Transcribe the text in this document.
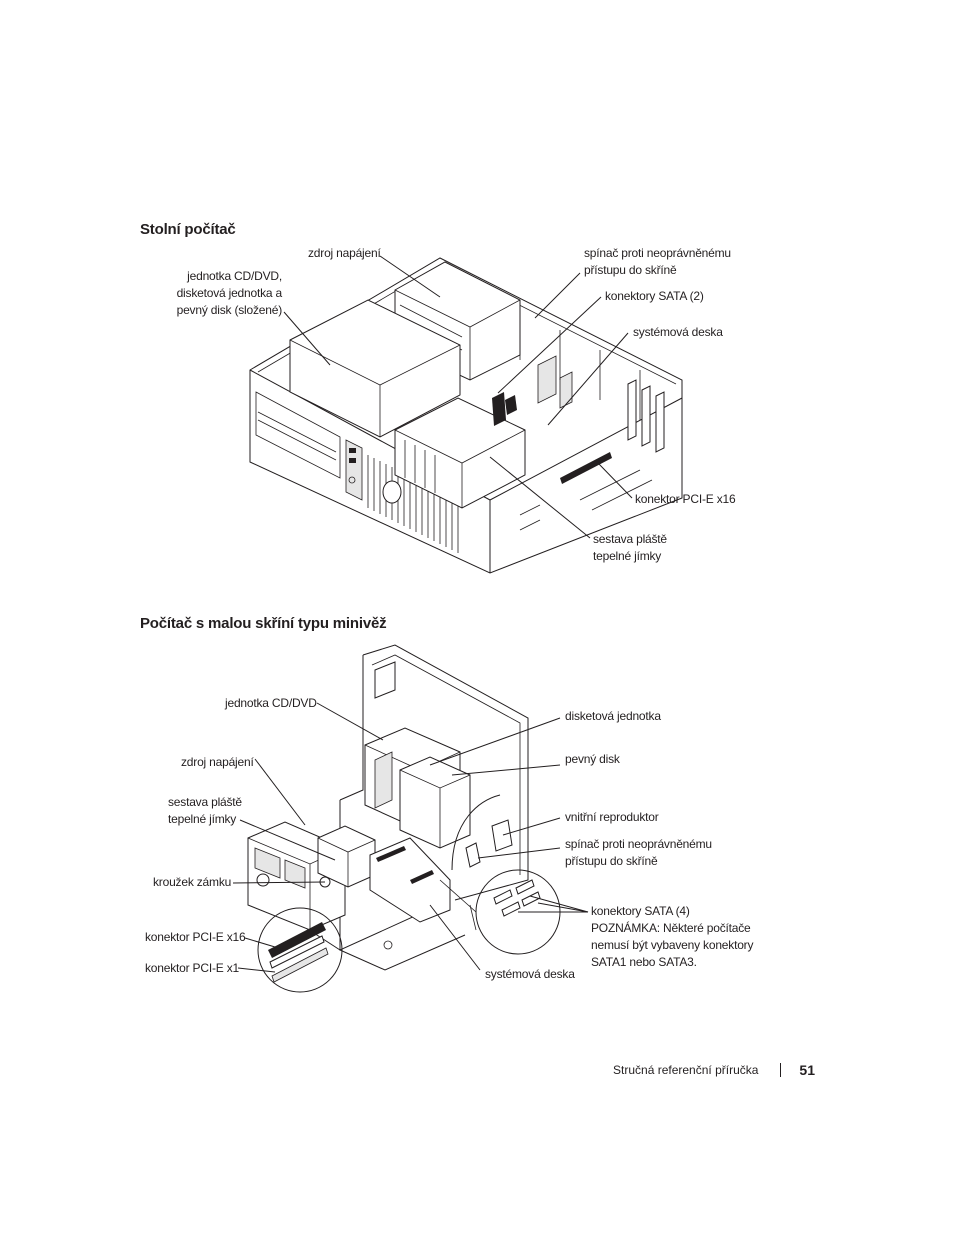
Stolní počítač
Počítač s malou skříní typu minivěž
zdroj napájení
jednotka CD/DVD,
disketová jednotka a
pevný disk (složené)
spínač proti neoprávněnému
přístupu do skříně
konektory SATA (2)
systémová deska
konektor PCI-E x16
sestava pláště
tepelné jímky
jednotka CD/DVD
disketová jednotka
zdroj napájení	pevný disk
sestava pláště
tepelné jímky	vnitřní reproduktor
spínač proti neoprávněnému
přístupu do skříně
kroužek zámku
konektory SATA (4)
POZNÁMKA: Některé počítače
nemusí být vybaveny konektory
SATA1 nebo SATA3.
konektor PCI-E x16
konektor PCI-E x1	systémová deska
Stručná referenční příručka	51
